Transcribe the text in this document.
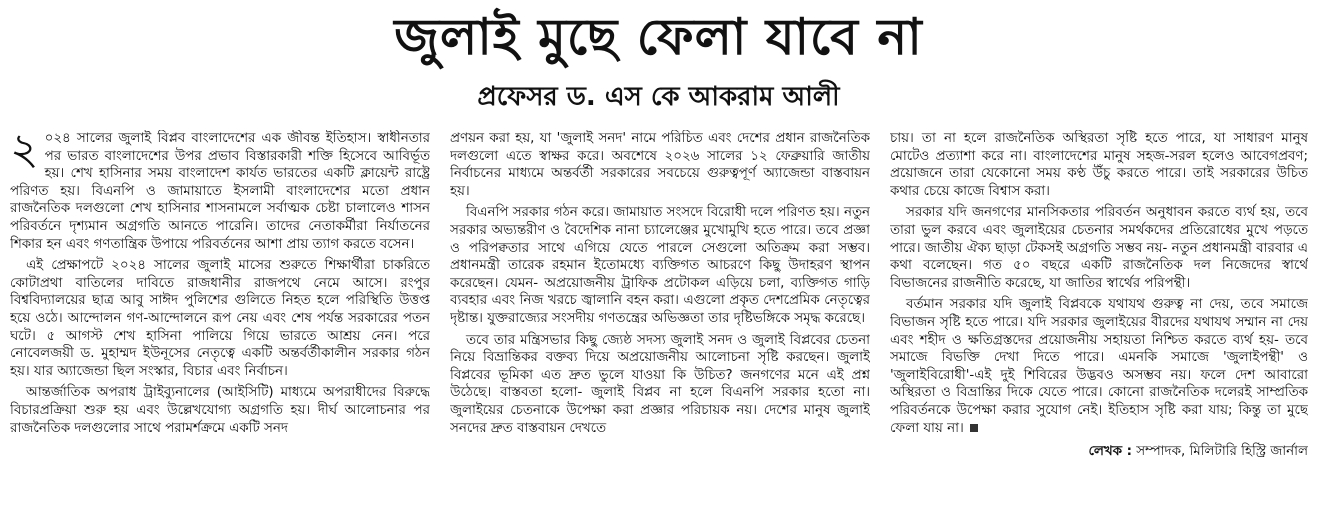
জুলাই মুছে ফেলা যাবে না
প্রফেসর ড. এস কে আকরাম আলী

২ ০২৪ সালের জুলাই বিপ্লব বাংলাদেশের এক জীবন্ত ইতিহাস। স্বাধীনতার পর ভারত বাংলাদেশের উপর প্রভাব বিস্তারকারী শক্তি হিসেবে আবির্ভূত হয়। শেখ হাসিনার সময় বাংলাদেশ কার্যত ভারতের একটি ক্লায়েন্ট রাষ্ট্রে পরিণত হয়। বিএনপি ও জামায়াতে ইসলামী বাংলাদেশের মতো প্রধান রাজনৈতিক দলগুলো শেখ হাসিনার শাসনামলে সর্বাত্মক চেষ্টা চালালেও শাসন পরিবর্তনে দৃশ্যমান অগ্রগতি আনতে পারেনি। তাদের নেতাকর্মীরা নির্যাতনের শিকার হন এবং গণতান্ত্রিক উপায়ে পরিবর্তনের আশা প্রায় ত্যাগ করতে বসেন।

এই প্রেক্ষাপটে ২০২৪ সালের জুলাই মাসের শুরুতে শিক্ষার্থীরা চাকরিতে কোটাপ্রথা বাতিলের দাবিতে রাজধানীর রাজপথে নেমে আসে। রংপুর বিশ্ববিদ্যালয়ের ছাত্র আবু সাঈদ পুলিশের গুলিতে নিহত হলে পরিস্থিতি উত্তপ্ত হয়ে ওঠে। আন্দোলন গণ-আন্দোলনে রূপ নেয় এবং শেষ পর্যন্ত সরকারের পতন ঘটে। ৫ আগস্ট শেখ হাসিনা পালিয়ে গিয়ে ভারতে আশ্রয় নেন। পরে নোবেলজয়ী ড. মুহাম্মদ ইউনূসের নেতৃত্বে একটি অন্তর্বর্তীকালীন সরকার গঠন হয়। যার অ্যাজেন্ডা ছিল সংস্কার, বিচার এবং নির্বাচন।

আন্তর্জাতিক অপরাধ ট্রাইব্যুনালের (আইসিটি) মাধ্যমে অপরাধীদের বিরুদ্ধে বিচারপ্রক্রিয়া শুরু হয় এবং উল্লেখযোগ্য অগ্রগতি হয়। দীর্ঘ আলোচনার পর রাজনৈতিক দলগুলোর সাথে পরামর্শক্রমে একটি সনদ

প্রণয়ন করা হয়, যা 'জুলাই সনদ' নামে পরিচিত এবং দেশের প্রধান রাজনৈতিক দলগুলো এতে স্বাক্ষর করে। অবশেষে ২০২৬ সালের ১২ ফেব্রুয়ারি জাতীয় নির্বাচনের মাধ্যমে অন্তর্বর্তী সরকারের সবচেয়ে গুরুত্বপূর্ণ অ্যাজেন্ডা বাস্তবায়ন হয়।

বিএনপি সরকার গঠন করে। জামায়াত সংসদে বিরোধী দলে পরিণত হয়। নতুন সরকার অভ্যন্তরীণ ও বৈদেশিক নানা চ্যালেঞ্জের মুখোমুখি হতে পারে। তবে প্রজ্ঞা ও পরিপক্বতার সাথে এগিয়ে যেতে পারলে সেগুলো অতিক্রম করা সম্ভব। প্রধানমন্ত্রী তারেক রহমান ইতোমধ্যে ব্যক্তিগত আচরণে কিছু উদাহরণ স্থাপন করেছেন। যেমন- অপ্রয়োজনীয় ট্রাফিক প্রটোকল এড়িয়ে চলা, ব্যক্তিগত গাড়ি ব্যবহার এবং নিজ খরচে জ্বালানি বহন করা। এগুলো প্রকৃত দেশপ্রেমিক নেতৃত্বের দৃষ্টান্ত। যুক্তরাজ্যের সংসদীয় গণতন্ত্রের অভিজ্ঞতা তার দৃষ্টিভঙ্গিকে সমৃদ্ধ করেছে।

তবে তার মন্ত্রিসভার কিছু জ্যেষ্ঠ সদস্য জুলাই সনদ ও জুলাই বিপ্লবের চেতনা নিয়ে বিভ্রান্তিকর বক্তব্য দিয়ে অপ্রয়োজনীয় আলোচনা সৃষ্টি করছেন। জুলাই বিপ্লবের ভূমিকা এত দ্রুত ভুলে যাওয়া কি উচিত? জনগণের মনে এই প্রশ্ন উঠেছে। বাস্তবতা হলো- জুলাই বিপ্লব না হলে বিএনপি সরকার হতো না। জুলাইয়ের চেতনাকে উপেক্ষা করা প্রজ্ঞার পরিচায়ক নয়। দেশের মানুষ জুলাই সনদের দ্রুত বাস্তবায়ন দেখতে

চায়। তা না হলে রাজনৈতিক অস্থিরতা সৃষ্টি হতে পারে, যা সাধারণ মানুষ মোটেও প্রত্যাশা করে না। বাংলাদেশের মানুষ সহজ-সরল হলেও আবেগপ্রবণ; প্রয়োজনে তারা যেকোনো সময় কণ্ঠ উঁচু করতে পারে। তাই সরকারের উচিত কথার চেয়ে কাজে বিশ্বাস করা।

সরকার যদি জনগণের মানসিকতার পরিবর্তন অনুধাবন করতে ব্যর্থ হয়, তবে তারা ভুল করবে এবং জুলাইয়ের চেতনার সমর্থকদের প্রতিরোধের মুখে পড়তে পারে। জাতীয় ঐক্য ছাড়া টেকসই অগ্রগতি সম্ভব নয়- নতুন প্রধানমন্ত্রী বারবার এ কথা বলেছেন। গত ৫০ বছরে একটি রাজনৈতিক দল নিজেদের স্বার্থে বিভাজনের রাজনীতি করেছে, যা জাতির স্বার্থের পরিপন্থী।

বর্তমান সরকার যদি জুলাই বিপ্লবকে যথাযথ গুরুত্ব না দেয়, তবে সমাজে বিভাজন সৃষ্টি হতে পারে। যদি সরকার জুলাইয়ের বীরদের যথাযথ সম্মান না দেয় এবং শহীদ ও ক্ষতিগ্রস্তদের প্রয়োজনীয় সহায়তা নিশ্চিত করতে ব্যর্থ হয়- তবে সমাজে বিভক্তি দেখা দিতে পারে। এমনকি সমাজে 'জুলাইপন্থী' ও 'জুলাইবিরোধী'-এই দুই শিবিরের উদ্ভবও অসম্ভব নয়। ফলে দেশ আবারো অস্থিরতা ও বিভ্রান্তির দিকে যেতে পারে। কোনো রাজনৈতিক দলেরই সাম্প্রতিক পরিবর্তনকে উপেক্ষা করার সুযোগ নেই। ইতিহাস সৃষ্টি করা যায়; কিন্তু তা মুছে ফেলা যায় না।

লেখক : সম্পাদক, মিলিটারি হিস্ট্রি জার্নাল
